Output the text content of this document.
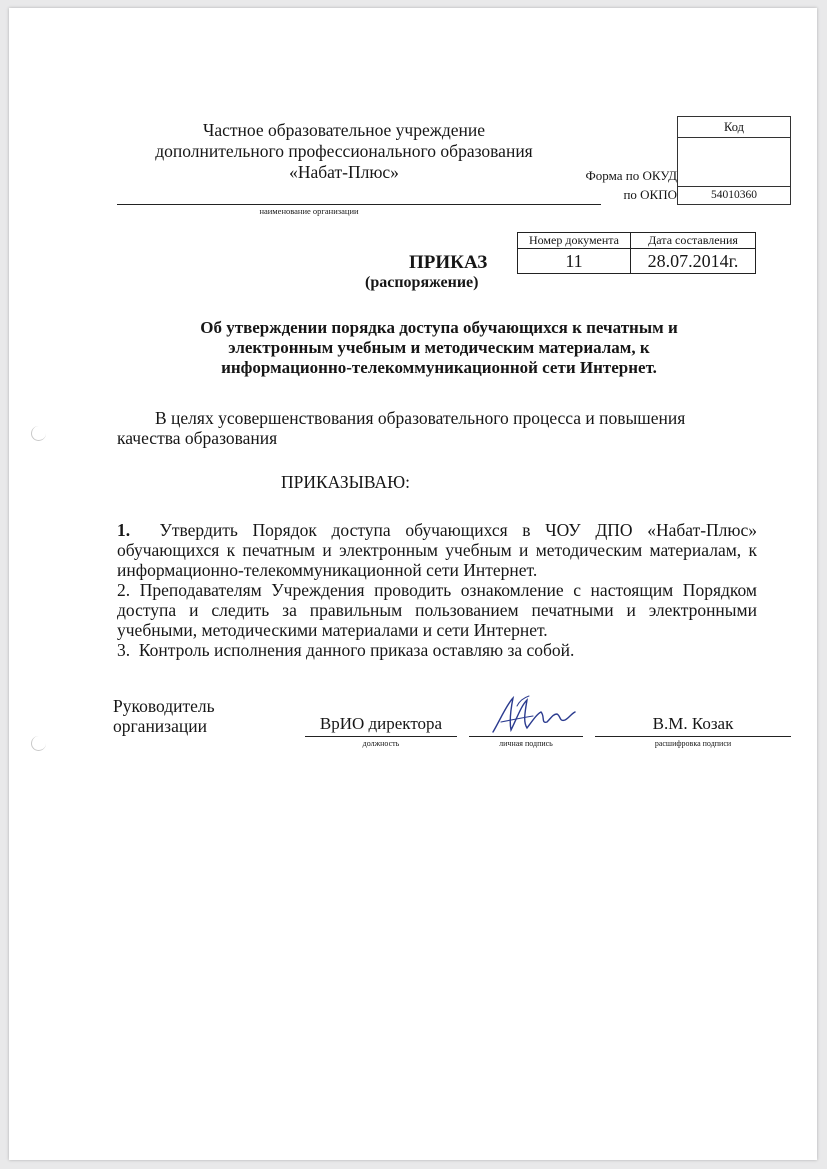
Частное образовательное учреждение
дополнительного профессионального образования
«Набат-Плюс»
наименование организации
Форма по ОКУД
по ОКПО
Код
54010360
Номер документа	Дата составления
11	28.07.2014г.
ПРИКАЗ
(распоряжение)
Об утверждении порядка доступа обучающихся к печатным и
электронным учебным и методическим материалам, к
информационно-телекоммуникационной сети Интернет.
В целях усовершенствования образовательного процесса и повышения
качества образования
ПРИКАЗЫВАЮ:

1. Утвердить Порядок доступа обучающихся в ЧОУ ДПО «Набат-Плюс» обучающихся к печатным и электронным учебным и методическим материалам, к информационно-телекоммуникационной сети Интернет.

2. Преподавателям Учреждения проводить ознакомление с настоящим Порядком доступа и следить за правильным пользованием печатными и электронными учебными, методическими материалами и сети Интернет.

3. Контроль исполнения данного приказа оставляю за собой.

Руководитель
организации	ВрИО директора	В.М. Козак
должность	личная подпись	расшифровка подписи
